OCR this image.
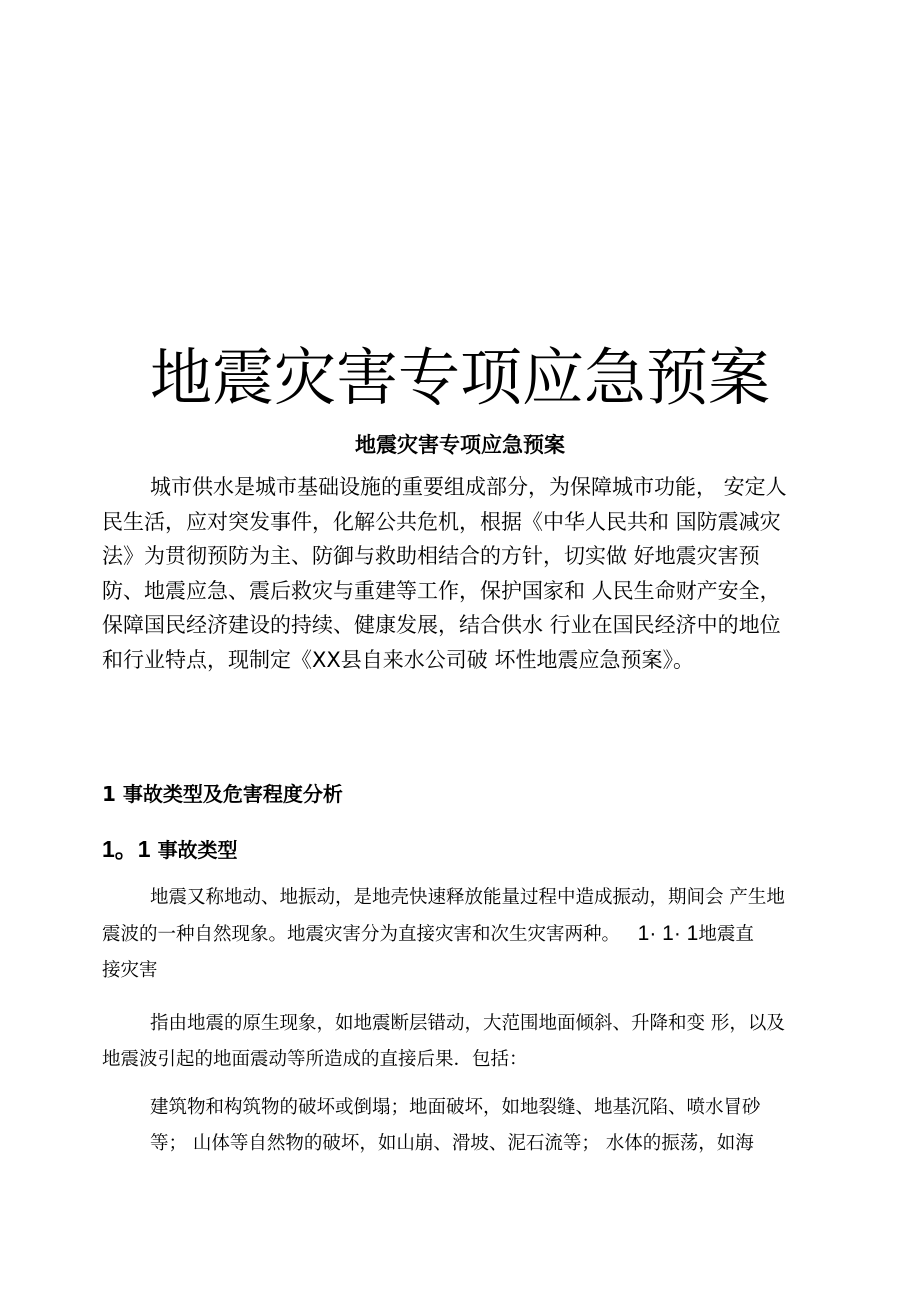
地震灾害专项应急预案
地震灾害专项应急预案
城市供水是城市基础设施的重要组成部分，为保障城市功能， 安定人
民生活，应对突发事件，化解公共危机，根据《中华人民共和 国防震减灾
法》为贯彻预防为主、防御与救助相结合的方针，切实做 好地震灾害预
防、地震应急、震后救灾与重建等工作，保护国家和 人民生命财产安全，
保障国民经济建设的持续、健康发展，结合供水 行业在国民经济中的地位
和行业特点，现制定《XX县自来水公司破 坏性地震应急预案》。
1 事故类型及危害程度分析
1。1 事故类型
地震又称地动、地振动，是地壳快速释放能量过程中造成振动，期间会 产生地
震波的一种自然现象。地震灾害分为直接灾害和次生灾害两种。 1· 1· 1地震直
接灾害
指由地震的原生现象，如地震断层错动，大范围地面倾斜、升降和变 形，以及
地震波引起的地面震动等所造成的直接后果．包括：
建筑物和构筑物的破坏或倒塌；地面破坏，如地裂缝、地基沉陷、喷水冒砂
等； 山体等自然物的破坏，如山崩、滑坡、泥石流等； 水体的振荡，如海
